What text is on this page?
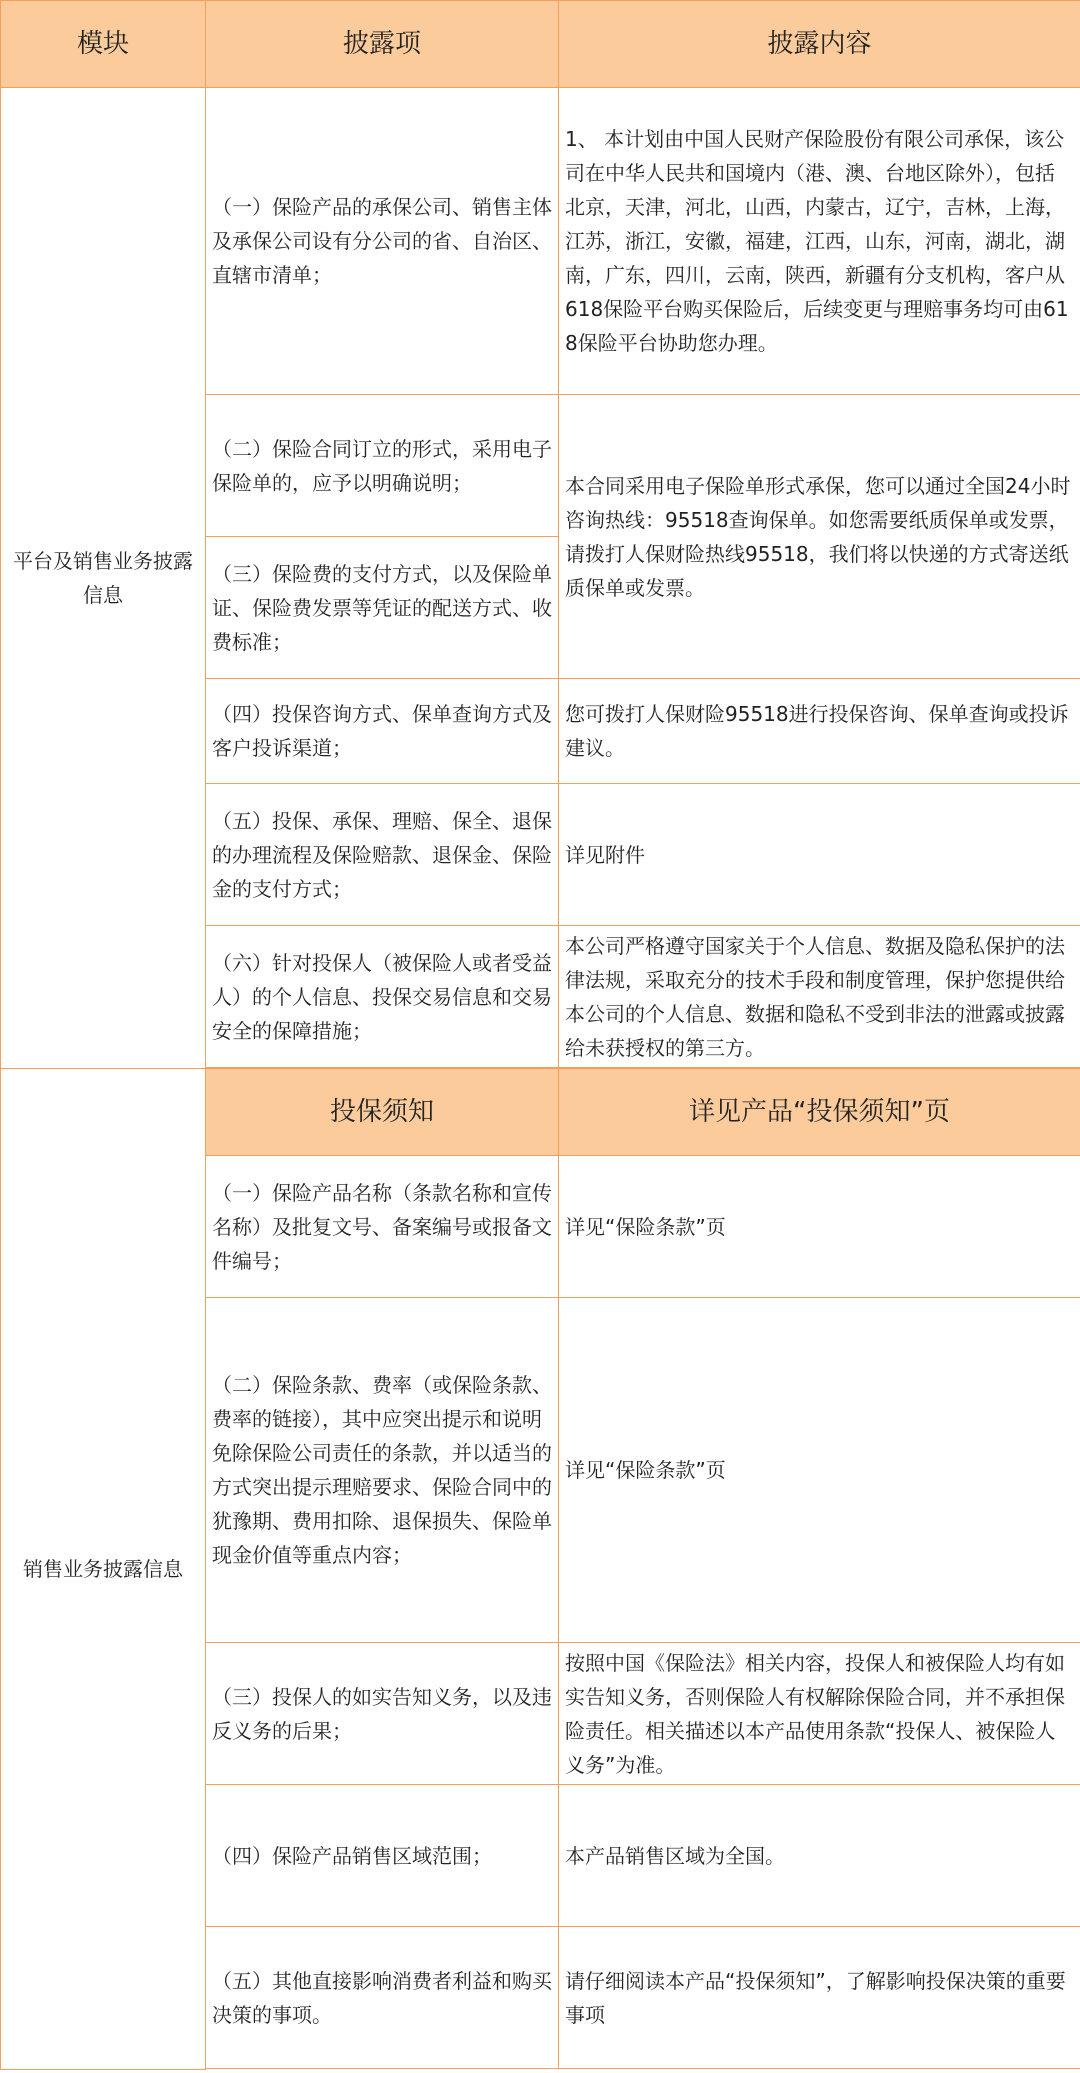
模块	披露项	披露内容
平台及销售业务披露信息	（一）保险产品的承保公司、销售主体及承保公司设有分公司的省、自治区、直辖市清单；	1、 本计划由中国人民财产保险股份有限公司承保，该公司在中华人民共和国境内（港、澳、台地区除外），包括北京，天津，河北，山西，内蒙古，辽宁，吉林，上海，江苏，浙江，安徽，福建，江西，山东，河南，湖北，湖南，广东，四川，云南，陕西，新疆有分支机构，客户从618保险平台购买保险后，后续变更与理赔事务均可由618保险平台协助您办理。
	（二）保险合同订立的形式，采用电子保险单的，应予以明确说明；	本合同采用电子保险单形式承保，您可以通过全国24小时咨询热线：95518查询保单。如您需要纸质保单或发票，请拨打人保财险热线95518，我们将以快递的方式寄送纸质保单或发票。
	（三）保险费的支付方式，以及保险单证、保险费发票等凭证的配送方式、收费标准；	
	（四）投保咨询方式、保单查询方式及客户投诉渠道；	您可拨打人保财险95518进行投保咨询、保单查询或投诉建议。
	（五）投保、承保、理赔、保全、退保的办理流程及保险赔款、退保金、保险金的支付方式；	详见附件
	（六）针对投保人（被保险人或者受益人）的个人信息、投保交易信息和交易安全的保障措施；	本公司严格遵守国家关于个人信息、数据及隐私保护的法律法规，采取充分的技术手段和制度管理，保护您提供给本公司的个人信息、数据和隐私不受到非法的泄露或披露给未获授权的第三方。

销售业务披露信息	投保须知	详见产品“投保须知”页
	（一）保险产品名称（条款名称和宣传名称）及批复文号、备案编号或报备文件编号；	详见“保险条款”页
	（二）保险条款、费率（或保险条款、费率的链接），其中应突出提示和说明免除保险公司责任的条款，并以适当的方式突出提示理赔要求、保险合同中的犹豫期、费用扣除、退保损失、保险单现金价值等重点内容；	详见“保险条款”页
	（三）投保人的如实告知义务，以及违反义务的后果；	按照中国《保险法》相关内容，投保人和被保险人均有如实告知义务，否则保险人有权解除保险合同，并不承担保险责任。相关描述以本产品使用条款“投保人、被保险人义务”为准。
	（四）保险产品销售区域范围；	本产品销售区域为全国。
	（五）其他直接影响消费者利益和购买决策的事项。	请仔细阅读本产品“投保须知”，了解影响投保决策的重要事项
